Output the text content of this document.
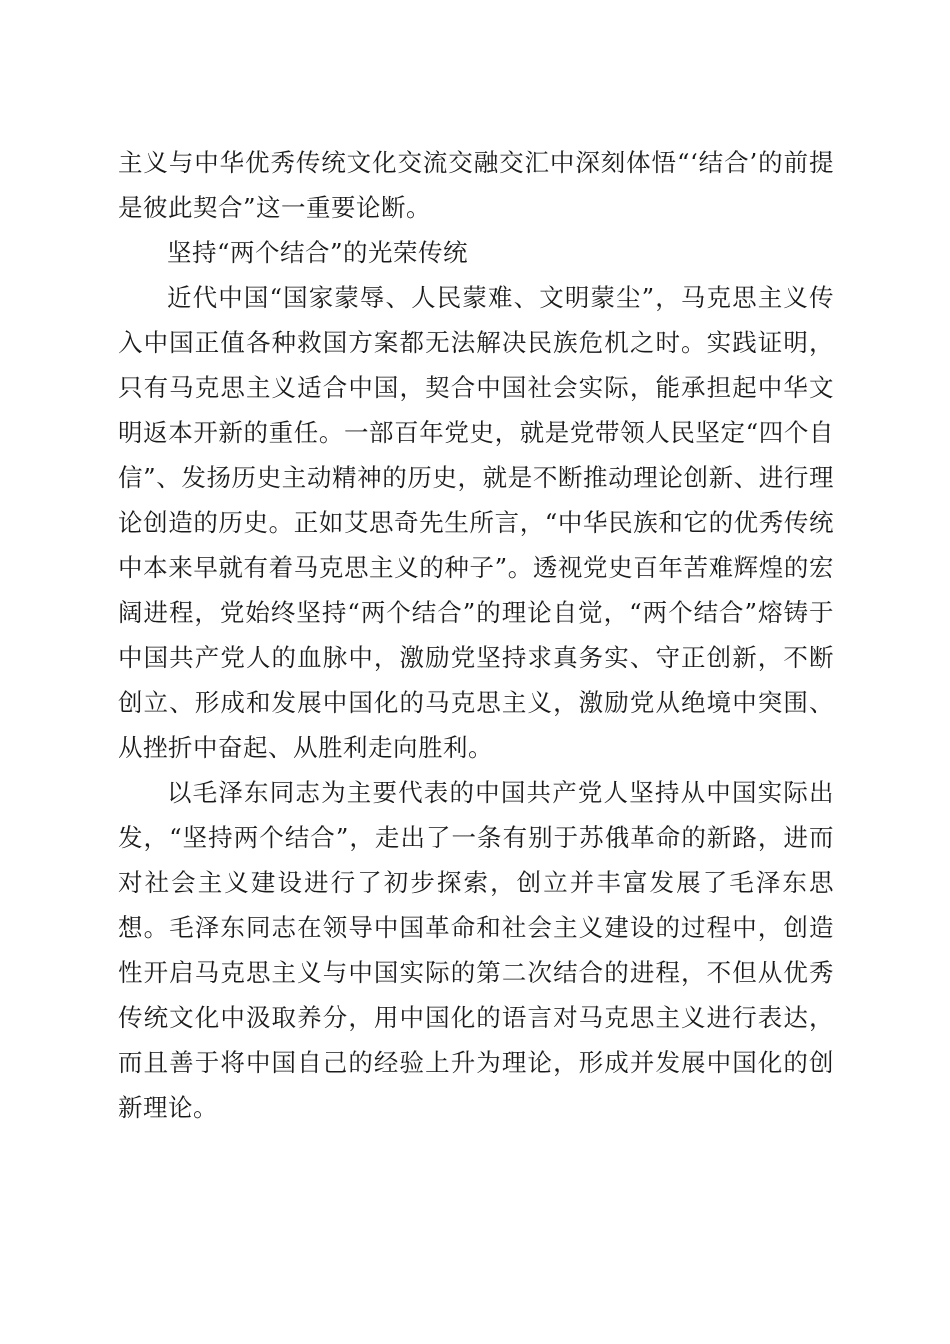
主义与中华优秀传统文化交流交融交汇中深刻体悟“‘结合’的前提是彼此契合”这一重要论断。

坚持“两个结合”的光荣传统

近代中国“国家蒙辱、人民蒙难、文明蒙尘”，马克思主义传入中国正值各种救国方案都无法解决民族危机之时。实践证明，只有马克思主义适合中国，契合中国社会实际，能承担起中华文明返本开新的重任。一部百年党史，就是党带领人民坚定“四个自信”、发扬历史主动精神的历史，就是不断推动理论创新、进行理论创造的历史。正如艾思奇先生所言，“中华民族和它的优秀传统中本来早就有着马克思主义的种子”。透视党史百年苦难辉煌的宏阔进程，党始终坚持“两个结合”的理论自觉，“两个结合”熔铸于中国共产党人的血脉中，激励党坚持求真务实、守正创新，不断创立、形成和发展中国化的马克思主义，激励党从绝境中突围、从挫折中奋起、从胜利走向胜利。

以毛泽东同志为主要代表的中国共产党人坚持从中国实际出发，“坚持两个结合”，走出了一条有别于苏俄革命的新路，进而对社会主义建设进行了初步探索，创立并丰富发展了毛泽东思想。毛泽东同志在领导中国革命和社会主义建设的过程中，创造性开启马克思主义与中国实际的第二次结合的进程，不但从优秀传统文化中汲取养分，用中国化的语言对马克思主义进行表达，而且善于将中国自己的经验上升为理论，形成并发展中国化的创新理论。
